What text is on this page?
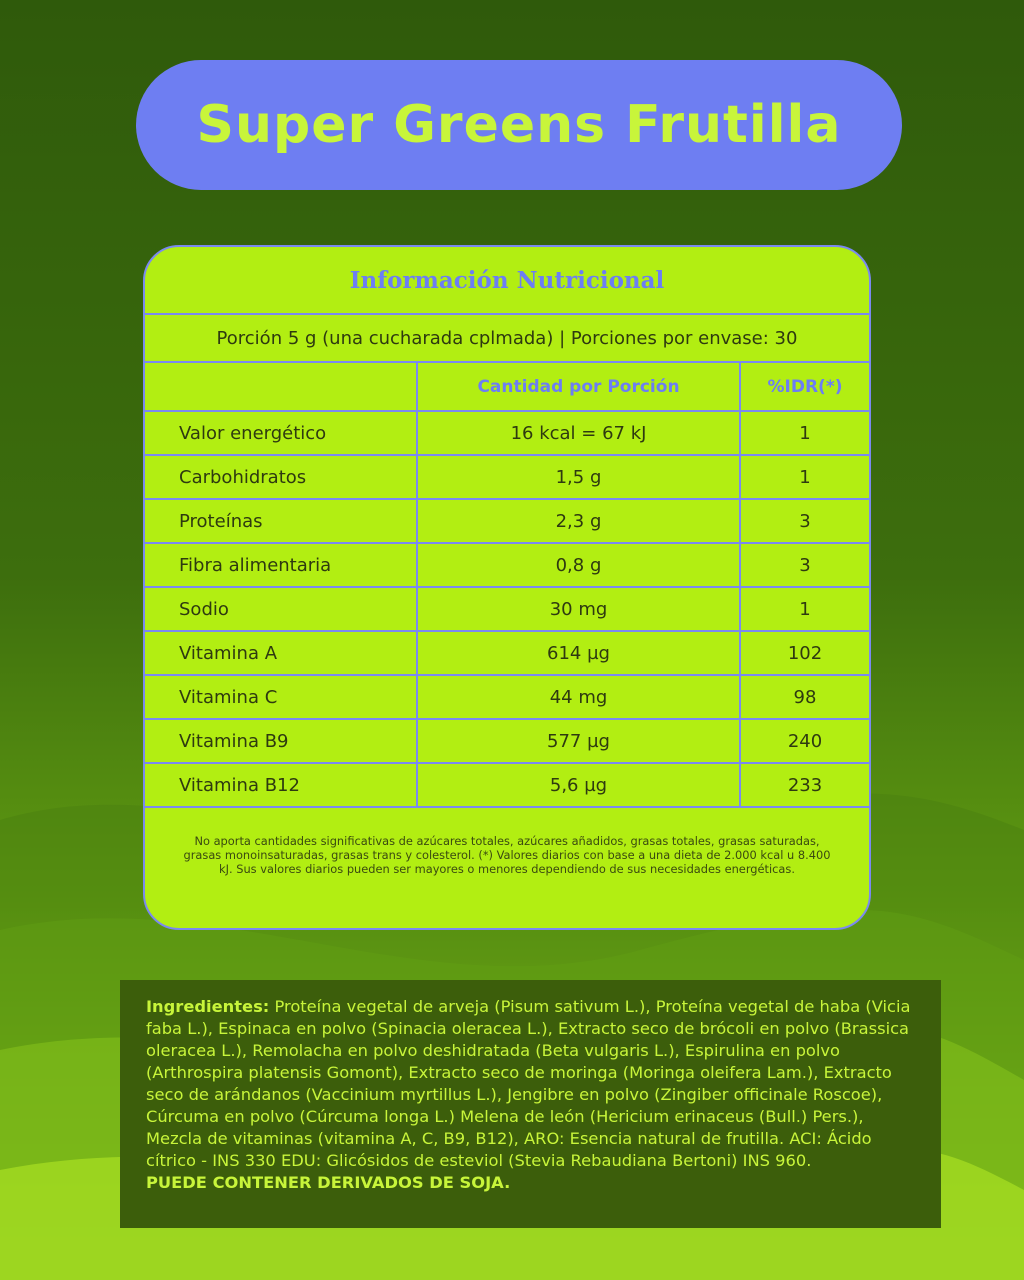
Super Greens Frutilla
Información Nutricional
Porción 5 g (una cucharada cplmada) | Porciones por envase: 30
	Cantidad por Porción	%IDR(*)
Valor energético	16 kcal = 67 kJ	1
Carbohidratos	1,5 g	1
Proteínas	2,3 g	3
Fibra alimentaria	0,8 g	3
Sodio	30 mg	1
Vitamina A	614 µg	102
Vitamina C	44 mg	98
Vitamina B9	577 µg	240
Vitamina B12	5,6 µg	233
No aporta cantidades significativas de azúcares totales, azúcares añadidos, grasas totales, grasas saturadas, grasas monoinsaturadas, grasas trans y colesterol. (*) Valores diarios con base a una dieta de 2.000 kcal u 8.400 kJ. Sus valores diarios pueden ser mayores o menores dependiendo de sus necesidades energéticas.
Ingredientes: Proteína vegetal de arveja (Pisum sativum L.), Proteína vegetal de haba (Vicia faba L.), Espinaca en polvo (Spinacia oleracea L.), Extracto seco de brócoli en polvo (Brassica oleracea L.), Remolacha en polvo deshidratada (Beta vulgaris L.), Espirulina en polvo (Arthrospira platensis Gomont), Extracto seco de moringa (Moringa oleifera Lam.), Extracto seco de arándanos (Vaccinium myrtillus L.), Jengibre en polvo (Zingiber officinale Roscoe), Cúrcuma en polvo (Cúrcuma longa L.) Melena de león (Hericium erinaceus (Bull.) Pers.), Mezcla de vitaminas (vitamina A, C, B9, B12), ARO: Esencia natural de frutilla. ACI: Ácido cítrico - INS 330 EDU: Glicósidos de esteviol (Stevia Rebaudiana Bertoni) INS 960.
PUEDE CONTENER DERIVADOS DE SOJA.
